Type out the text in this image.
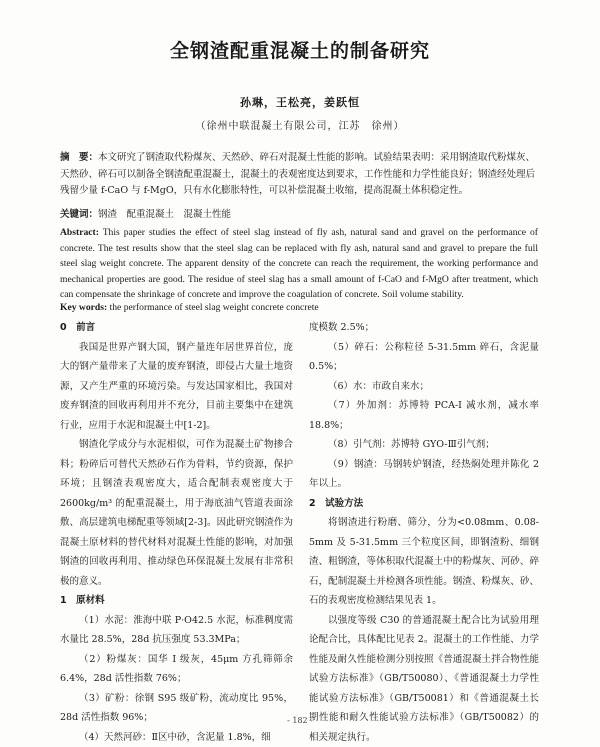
全钢渣配重混凝土的制备研究
孙琳，王松亮，姜跃恒
（徐州中联混凝土有限公司，江苏　徐州）
摘　要：本文研究了钢渣取代粉煤灰、天然砂、碎石对混凝土性能的影响。试验结果表明：采用钢渣取代粉煤灰、天然砂、碎石可以制备全钢渣配重混凝土，混凝土的表观密度达到要求，工作性能和力学性能良好；钢渣经处理后残留少量 f-CaO 与 f-MgO，只有水化膨胀特性，可以补偿混凝土收缩，提高混凝土体积稳定性。
关键词：钢渣　配重混凝土　混凝土性能
Abstract: This paper studies the effect of steel slag instead of fly ash, natural sand and gravel on the performance of concrete. The test results show that the steel slag can be replaced with fly ash, natural sand and gravel to prepare the full steel slag weight concrete. The apparent density of the concrete can reach the requirement, the working performance and mechanical properties are good. The residue of steel slag has a small amount of f-CaO and f-MgO after treatment, which can compensate the shrinkage of concrete and improve the coagulation of concrete. Soil volume stability.
Key words: the performance of steel slag weight concrete concrete

0　前言

我国是世界产钢大国，钢产量连年居世界首位，庞大的钢产量带来了大量的废弃钢渣，即侵占大量土地资源，又产生严重的环境污染。与发达国家相比，我国对废弃钢渣的回收再利用并不充分，目前主要集中在建筑行业，应用于水泥和混凝土中[1-2]。

钢渣化学成分与水泥相似，可作为混凝土矿物掺合料；粉碎后可替代天然砂石作为骨料，节约资源，保护环境；且钢渣表观密度大，适合配制表观密度大于 2600kg/m³ 的配重混凝土，用于海底油气管道表面涂敷、高层建筑电梯配重等领域[2-3]。因此研究钢渣作为混凝土原材料的替代材料对混凝土性能的影响，对加强钢渣的回收再利用、推动绿色环保混凝土发展有非常积极的意义。

1　原材料

（1）水泥：淮海中联 P·O42.5 水泥，标准稠度需水量比 28.5%，28d 抗压强度 53.3MPa；

（2）粉煤灰：国华 I 级灰，45μm 方孔筛筛余 6.4%，28d 活性指数 76%；

（3）矿粉：徐钢 S95 级矿粉，流动度比 95%，28d 活性指数 96%；

（4）天然河砂：Ⅱ区中砂，含泥量 1.8%，细

度模数 2.5%；

（5）碎石：公称粒径 5-31.5mm 碎石，含泥量 0.5%；

（6）水：市政自来水；

（7）外加剂：苏博特 PCA-I 减水剂，减水率 18.8%；

（8）引气剂：苏博特 GYO-Ⅲ引气剂；

（9）钢渣：马钢转炉钢渣，经热焖处理并陈化 2 年以上。

2　试验方法

将钢渣进行粉磨、筛分，分为<0.08mm、0.08-5mm 及 5-31.5mm 三个粒度区间，即钢渣粉、细钢渣、粗钢渣，等体积取代混凝土中的粉煤灰、河砂、碎石，配制混凝土并检测各项性能。钢渣、粉煤灰、砂、石的表观密度检测结果见表 1。

以强度等级 C30 的普通混凝土配合比为试验用理论配合比，具体配比见表 2。混凝土的工作性能、力学性能及耐久性能检测分别按照《普通混凝土拌合物性能试验方法标准》（GB/T50080）、《普通混凝土力学性能试验方法标准》（GB/T50081）和《普通混凝土长期性能和耐久性能试验方法标准》（GB/T50082）的相关规定执行。

- 182 -
